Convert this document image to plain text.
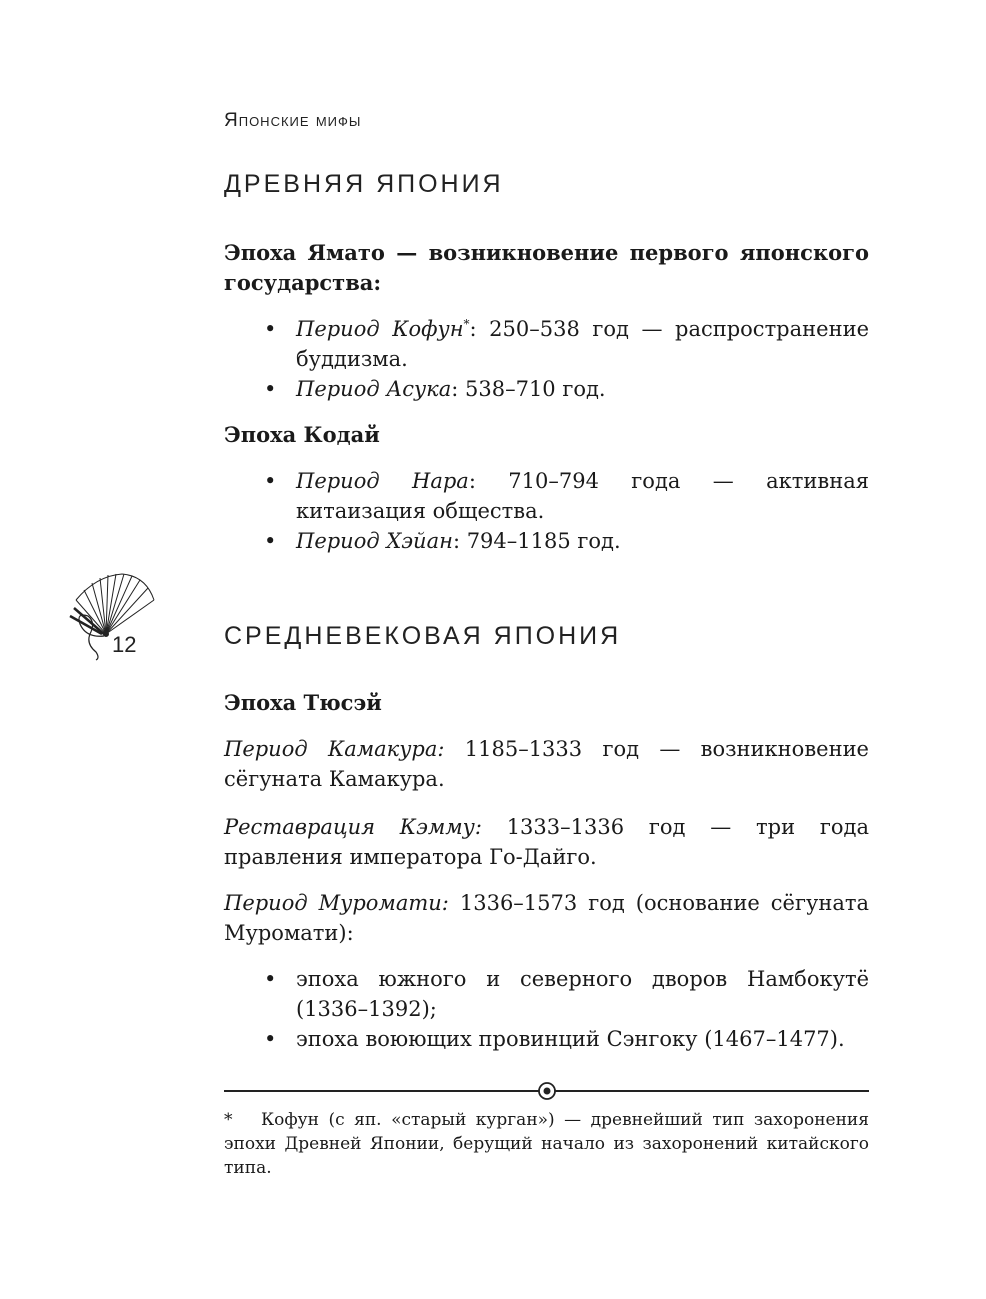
Японские мифы
ДРЕВНЯЯ ЯПОНИЯ
Эпоха Ямато — возникновение первого японского государства:
• Период Кофун*: 250–538 год — распространение буддизма.
• Период Асука: 538–710 год.
Эпоха Кодай
• Период Нара: 710–794 года — активная китаизация общества.
• Период Хэйан: 794–1185 год.
12	СРЕДНЕВЕКОВАЯ ЯПОНИЯ
Эпоха Тюсэй
Период Камакура: 1185–1333 год — возникновение сёгуната Камакура.
Реставрация Кэмму: 1333–1336 год — три года правления императора Го-Дайго.
Период Муромати: 1336–1573 год (основание сёгуната Муромати):
• эпоха южного и северного дворов Намбокутё (1336–1392);
• эпоха воюющих провинций Сэнгоку (1467–1477).
* Кофун (с яп. «старый курган») — древнейший тип захоронения эпохи Древней Японии, берущий начало из захоронений китайского типа.
